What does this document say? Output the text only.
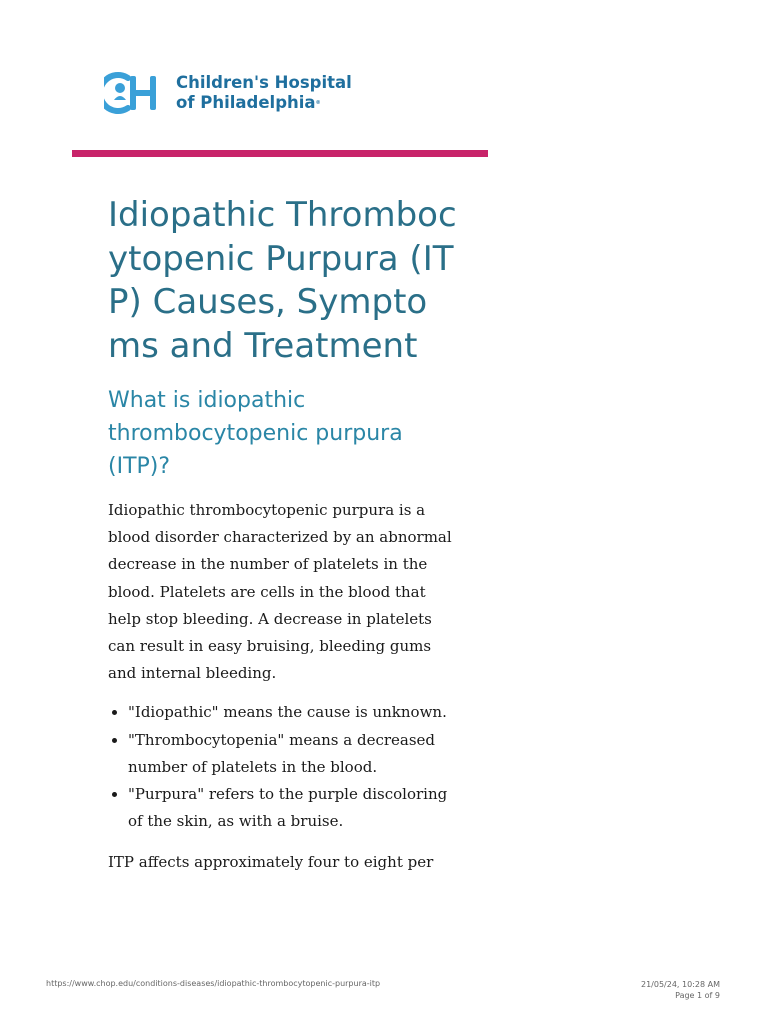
Children's Hospital
of Philadelphia®
Idiopathic Thrombocytopenic Purpura (ITP) Causes, Symptoms and Treatment
What is idiopathic thrombocytopenic purpura (ITP)?

Idiopathic thrombocytopenic purpura is a blood disorder characterized by an abnormal decrease in the number of platelets in the blood. Platelets are cells in the blood that help stop bleeding. A decrease in platelets can result in easy bruising, bleeding gums and internal bleeding.

• "Idiopathic" means the cause is unknown.
• "Thrombocytopenia" means a decreased number of platelets in the blood.
• "Purpura" refers to the purple discoloring of the skin, as with a bruise.

ITP affects approximately four to eight per

https://www.chop.edu/conditions-diseases/idiopathic-thrombocytopenic-purpura-itp	21/05/24, 10:28 AM
Page 1 of 9
